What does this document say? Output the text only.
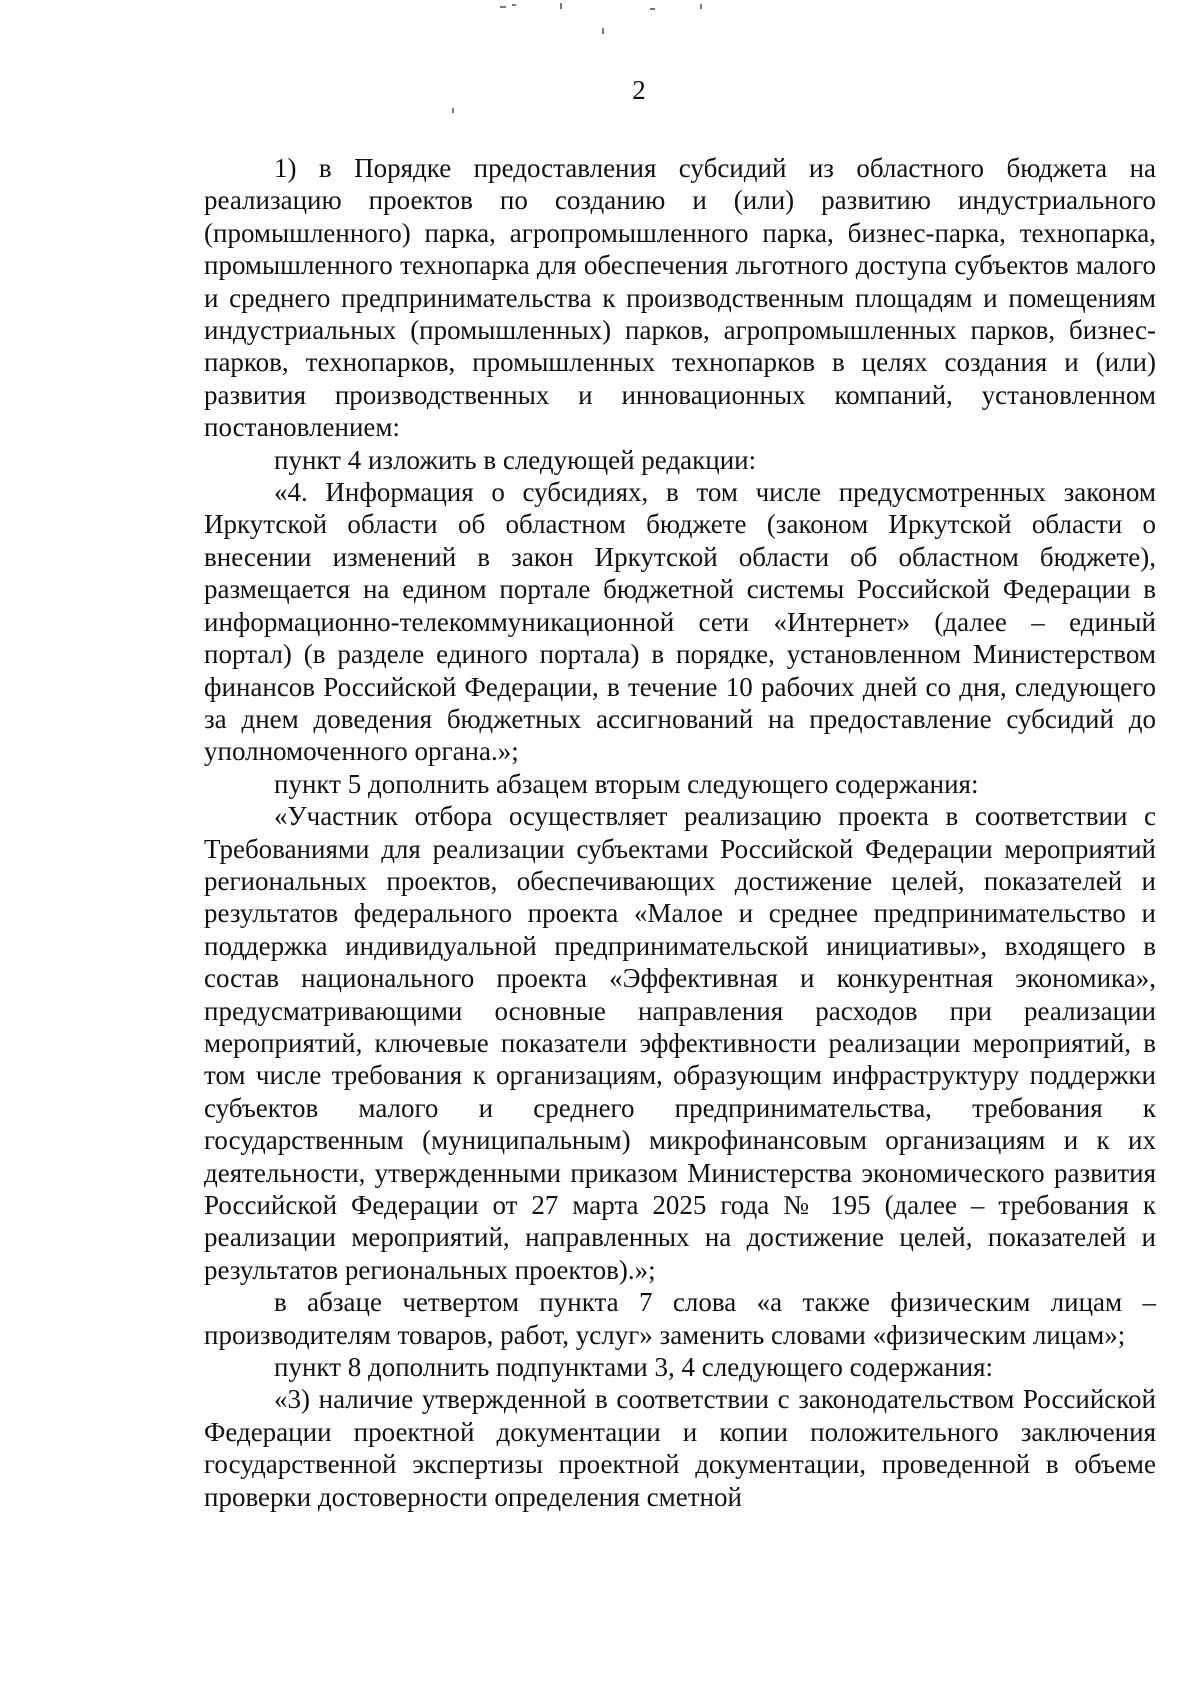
2

1) в Порядке предоставления субсидий из областного бюджета на реализацию проектов по созданию и (или) развитию индустриального (промышленного) парка, агропромышленного парка, бизнес-парка, технопарка, промышленного технопарка для обеспечения льготного доступа субъектов малого и среднего предпринимательства к производственным площадям и помещениям индустриальных (промышленных) парков, агропромышленных парков, бизнес-парков, технопарков, промышленных технопарков в целях создания и (или) развития производственных и инновационных компаний, установленном постановлением:

пункт 4 изложить в следующей редакции:

«4. Информация о субсидиях, в том числе предусмотренных законом Иркутской области об областном бюджете (законом Иркутской области о внесении изменений в закон Иркутской области об областном бюджете), размещается на едином портале бюджетной системы Российской Федерации в информационно-телекоммуникационной сети «Интернет» (далее – единый портал) (в разделе единого портала) в порядке, установленном Министерством финансов Российской Федерации, в течение 10 рабочих дней со дня, следующего за днем доведения бюджетных ассигнований на предоставление субсидий до уполномоченного органа.»;

пункт 5 дополнить абзацем вторым следующего содержания:

«Участник отбора осуществляет реализацию проекта в соответствии с Требованиями для реализации субъектами Российской Федерации мероприятий региональных проектов, обеспечивающих достижение целей, показателей и результатов федерального проекта «Малое и среднее предпринимательство и поддержка индивидуальной предпринимательской инициативы», входящего в состав национального проекта «Эффективная и конкурентная экономика», предусматривающими основные направления расходов при реализации мероприятий, ключевые показатели эффективности реализации мероприятий, в том числе требования к организациям, образующим инфраструктуру поддержки субъектов малого и среднего предпринимательства, требования к государственным (муниципальным) микрофинансовым организациям и к их деятельности, утвержденными приказом Министерства экономического развития Российской Федерации от 27 марта 2025 года № 195 (далее – требования к реализации мероприятий, направленных на достижение целей, показателей и результатов региональных проектов).»;

в абзаце четвертом пункта 7 слова «а также физическим лицам – производителям товаров, работ, услуг» заменить словами «физическим лицам»;

пункт 8 дополнить подпунктами 3, 4 следующего содержания:

«3) наличие утвержденной в соответствии с законодательством Российской Федерации проектной документации и копии положительного заключения государственной экспертизы проектной документации, проведенной в объеме проверки достоверности определения сметной
